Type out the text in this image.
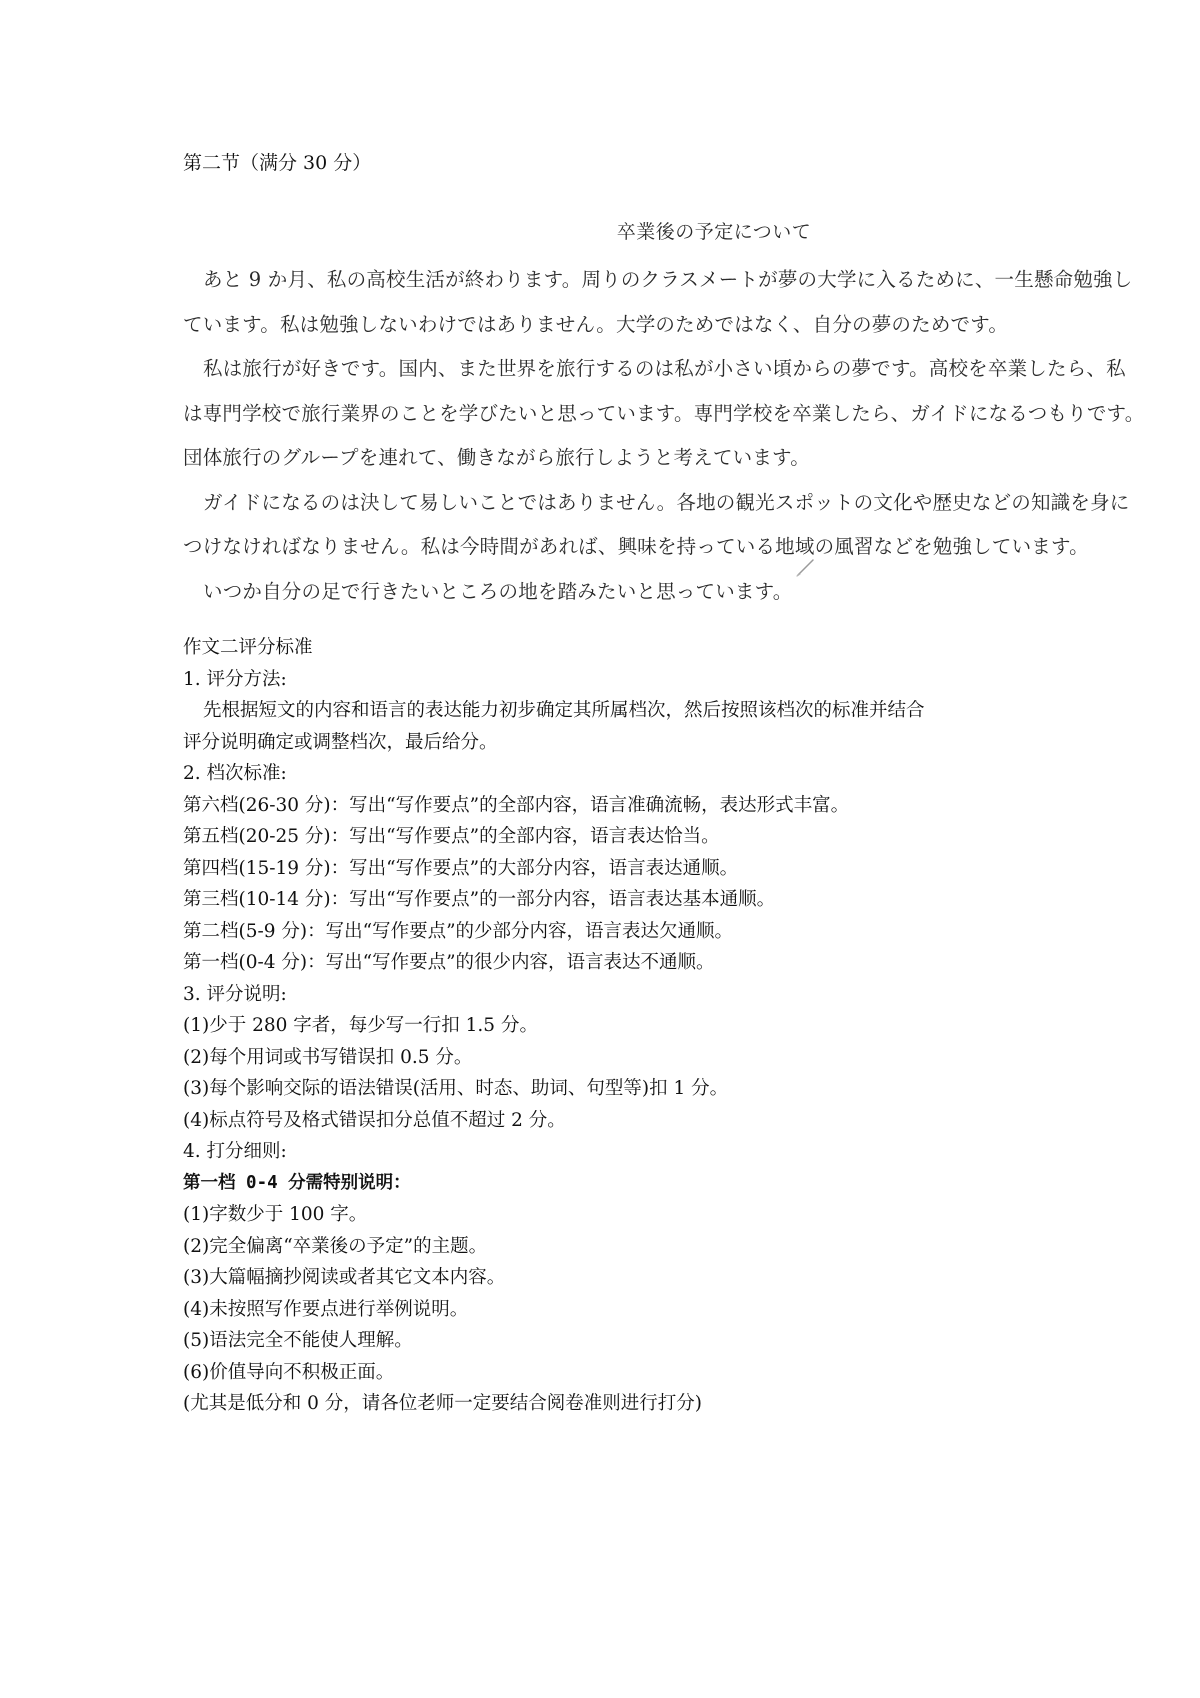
第二节（满分 30 分）
卒業後の予定について
あと 9 か月、私の高校生活が終わります。周りのクラスメートが夢の大学に入るために、一生懸命勉強し
ています。私は勉強しないわけではありません。大学のためではなく、自分の夢のためです。
私は旅行が好きです。国内、また世界を旅行するのは私が小さい頃からの夢です。高校を卒業したら、私
は専門学校で旅行業界のことを学びたいと思っています。専門学校を卒業したら、ガイドになるつもりです。
団体旅行のグループを連れて、働きながら旅行しようと考えています。
ガイドになるのは決して易しいことではありません。各地の観光スポットの文化や歴史などの知識を身に
つけなければなりません。私は今時間があれば、興味を持っている地域の風習などを勉強しています。
いつか自分の足で行きたいところの地を踏みたいと思っています。
作文二评分标准
1. 评分方法:
先根据短文的内容和语言的表达能力初步确定其所属档次，然后按照该档次的标准并结合
评分说明确定或调整档次，最后给分。
2. 档次标准:
第六档(26-30 分)：写出“写作要点”的全部内容，语言准确流畅，表达形式丰富。
第五档(20-25 分)：写出“写作要点”的全部内容，语言表达恰当。
第四档(15-19 分)：写出“写作要点”的大部分内容，语言表达通顺。
第三档(10-14 分)：写出“写作要点”的一部分内容，语言表达基本通顺。
第二档(5-9 分)：写出“写作要点”的少部分内容，语言表达欠通顺。
第一档(0-4 分)：写出“写作要点”的很少内容，语言表达不通顺。
3. 评分说明:
(1)少于 280 字者，每少写一行扣 1.5 分。
(2)每个用词或书写错误扣 0.5 分。
(3)每个影响交际的语法错误(活用、时态、助词、句型等)扣 1 分。
(4)标点符号及格式错误扣分总值不超过 2 分。
4. 打分细则:
第一档 0-4 分需特别说明：
(1)字数少于 100 字。
(2)完全偏离“卒業後の予定”的主题。
(3)大篇幅摘抄阅读或者其它文本内容。
(4)未按照写作要点进行举例说明。
(5)语法完全不能使人理解。
(6)价值导向不积极正面。
(尤其是低分和 0 分，请各位老师一定要结合阅卷准则进行打分)
